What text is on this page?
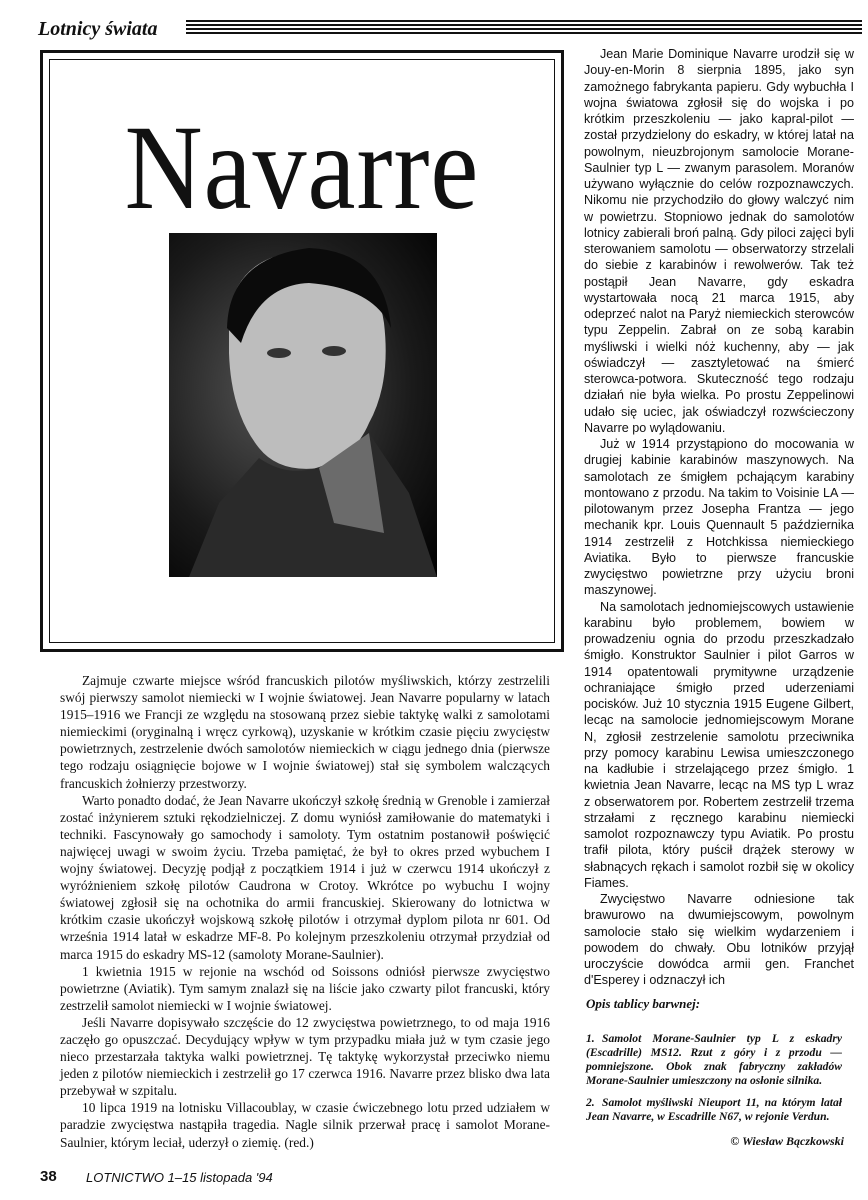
Lotnicy świata
Navarre

Zajmuje czwarte miejsce wśród francuskich pilotów myśliwskich, którzy zestrzelili swój pierwszy samolot niemiecki w I wojnie światowej. Jean Navarre popularny w latach 1915–1916 we Francji ze względu na stosowaną przez siebie taktykę walki z samolotami niemieckimi (oryginalną i wręcz cyrkową), uzyskanie w krótkim czasie pięciu zwycięstw powietrznych, zestrzelenie dwóch samolotów niemieckich w ciągu jednego dnia (pierwsze tego rodzaju osiągnięcie bojowe w I wojnie światowej) stał się symbolem walczących francuskich żołnierzy przestworzy.

Warto ponadto dodać, że Jean Navarre ukończył szkołę średnią w Grenoble i zamierzał zostać inżynierem sztuki rękodzielniczej. Z domu wyniósł zamiłowanie do matematyki i techniki. Fascynowały go samochody i samoloty. Tym ostatnim postanowił poświęcić najwięcej uwagi w swoim życiu. Trzeba pamiętać, że był to okres przed wybuchem I wojny światowej. Decyzję podjął z początkiem 1914 i już w czerwcu 1914 ukończył z wyróżnieniem szkołę pilotów Caudrona w Crotoy. Wkrótce po wybuchu I wojny światowej zgłosił się na ochotnika do armii francuskiej. Skierowany do lotnictwa w krótkim czasie ukończył wojskową szkołę pilotów i otrzymał dyplom pilota nr 601. Od września 1914 latał w eskadrze MF-8. Po kolejnym przeszkoleniu otrzymał przydział od marca 1915 do eskadry MS-12 (samoloty Morane-Saulnier).

1 kwietnia 1915 w rejonie na wschód od Soissons odniósł pierwsze zwycięstwo powietrzne (Aviatik). Tym samym znalazł się na liście jako czwarty pilot francuski, który zestrzelił samolot niemiecki w I wojnie światowej.

Jeśli Navarre dopisywało szczęście do 12 zwycięstwa powietrznego, to od maja 1916 zaczęło go opuszczać. Decydujący wpływ w tym przypadku miała już w tym czasie jego nieco przestarzała taktyka walki powietrznej. Tę taktykę wykorzystał przeciwko niemu jeden z pilotów niemieckich i zestrzelił go 17 czerwca 1916. Navarre przez blisko dwa lata przebywał w szpitalu.

10 lipca 1919 na lotnisku Villacoublay, w czasie ćwiczebnego lotu przed udziałem w paradzie zwycięstwa nastąpiła tragedia. Nagle silnik przerwał pracę i samolot Morane-Saulnier, którym leciał, uderzył o ziemię. (red.)

Jean Marie Dominique Navarre urodził się w Jouy-en-Morin 8 sierpnia 1895, jako syn zamożnego fabrykanta papieru. Gdy wybuchła I wojna światowa zgłosił się do wojska i po krótkim przeszkoleniu — jako kapral-pilot — został przydzielony do eskadry, w której latał na powolnym, nieuzbrojonym samolocie Morane-Saulnier typ L — zwanym parasolem. Moranów używano wyłącznie do celów rozpoznawczych. Nikomu nie przychodziło do głowy walczyć nim w powietrzu. Stopniowo jednak do samolotów lotnicy zabierali broń palną. Gdy piloci zajęci byli sterowaniem samolotu — obserwatorzy strzelali do siebie z karabinów i rewolwerów. Tak też postąpił Jean Navarre, gdy eskadra wystartowała nocą 21 marca 1915, aby odeprzeć nalot na Paryż niemieckich sterowców typu Zeppelin. Zabrał on ze sobą karabin myśliwski i wielki nóż kuchenny, aby — jak oświadczył — zasztyletować na śmierć sterowca-potwora. Skuteczność tego rodzaju działań nie była wielka. Po prostu Zeppelinowi udało się uciec, jak oświadczył rozwścieczony Navarre po wylądowaniu.

Już w 1914 przystąpiono do mocowania w drugiej kabinie karabinów maszynowych. Na samolotach ze śmigłem pchającym karabiny montowano z przodu. Na takim to Voisinie LA — pilotowanym przez Josepha Frantza — jego mechanik kpr. Louis Quennault 5 października 1914 zestrzelił z Hotchkissa niemieckiego Aviatika. Było to pierwsze francuskie zwycięstwo powietrzne przy użyciu broni maszynowej.

Na samolotach jednomiejscowych ustawienie karabinu było problemem, bowiem w prowadzeniu ognia do przodu przeszkadzało śmigło. Konstruktor Saulnier i pilot Garros w 1914 opatentowali prymitywne urządzenie ochraniające śmigło przed uderzeniami pocisków. Już 10 stycznia 1915 Eugene Gilbert, lecąc na samolocie jednomiejscowym Morane N, zgłosił zestrzelenie samolotu przeciwnika przy pomocy karabinu Lewisa umieszczonego na kadłubie i strzelającego przez śmigło. 1 kwietnia Jean Navarre, lecąc na MS typ L wraz z obserwatorem por. Robertem zestrzelił trzema strzałami z ręcznego karabinu niemiecki samolot rozpoznawczy typu Aviatik. Po prostu trafił pilota, który puścił drążek sterowy w słabnących rękach i samolot rozbił się w okolicy Fiames.

Zwycięstwo Navarre odniesione tak brawurowo na dwumiejscowym, powolnym samolocie stało się wielkim wydarzeniem i powodem do chwały. Obu lotników przyjął uroczyście dowódca armii gen. Franchet d'Esperey i odznaczył ich

Opis tablicy barwnej:
1. Samolot Morane-Saulnier typ L z eskadry (Escadrille) MS12. Rzut z góry i z przodu — pomniejszone. Obok znak fabryczny zakładów Morane-Saulnier umieszczony na osłonie silnika.
2. Samolot myśliwski Nieuport 11, na którym latał Jean Navarre, w Escadrille N67, w rejonie Verdun.
© Wiesław Bączkowski
38 LOTNICTWO 1–15 listopada '94
